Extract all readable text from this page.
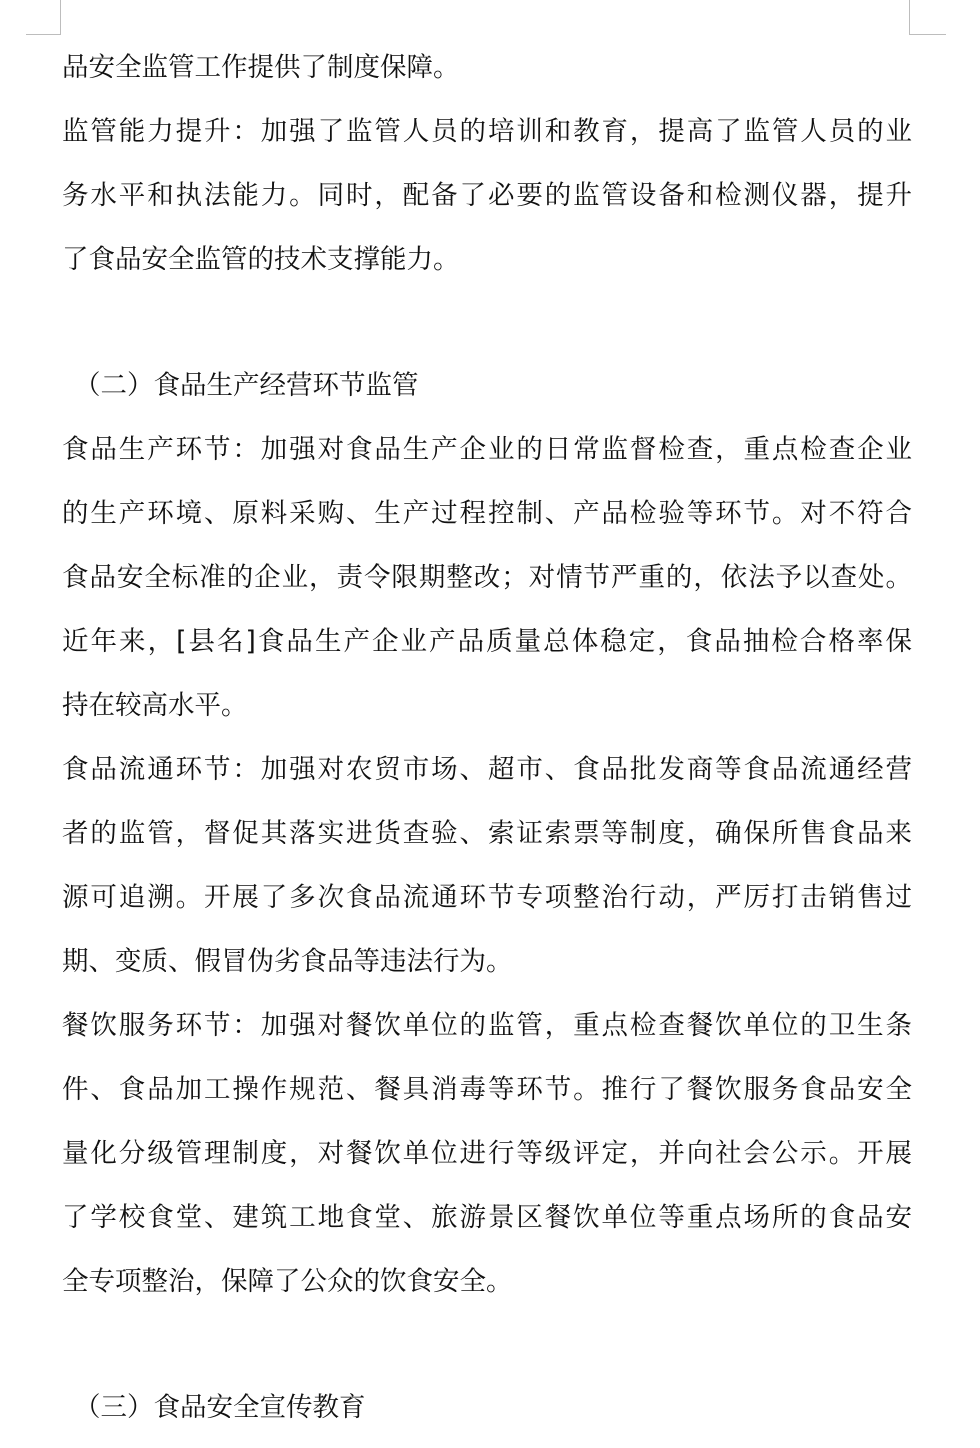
品安全监管工作提供了制度保障。
监管能力提升：加强了监管人员的培训和教育，提高了监管人员的业
务水平和执法能力。同时，配备了必要的监管设备和检测仪器，提升
了食品安全监管的技术支撑能力。
（二）食品生产经营环节监管
食品生产环节：加强对食品生产企业的日常监督检查，重点检查企业
的生产环境、原料采购、生产过程控制、产品检验等环节。对不符合
食品安全标准的企业，责令限期整改；对情节严重的，依法予以查处。
近年来，[县名]食品生产企业产品质量总体稳定，食品抽检合格率保
持在较高水平。
食品流通环节：加强对农贸市场、超市、食品批发商等食品流通经营
者的监管，督促其落实进货查验、索证索票等制度，确保所售食品来
源可追溯。开展了多次食品流通环节专项整治行动，严厉打击销售过
期、变质、假冒伪劣食品等违法行为。
餐饮服务环节：加强对餐饮单位的监管，重点检查餐饮单位的卫生条
件、食品加工操作规范、餐具消毒等环节。推行了餐饮服务食品安全
量化分级管理制度，对餐饮单位进行等级评定，并向社会公示。开展
了学校食堂、建筑工地食堂、旅游景区餐饮单位等重点场所的食品安
全专项整治，保障了公众的饮食安全。
（三）食品安全宣传教育
